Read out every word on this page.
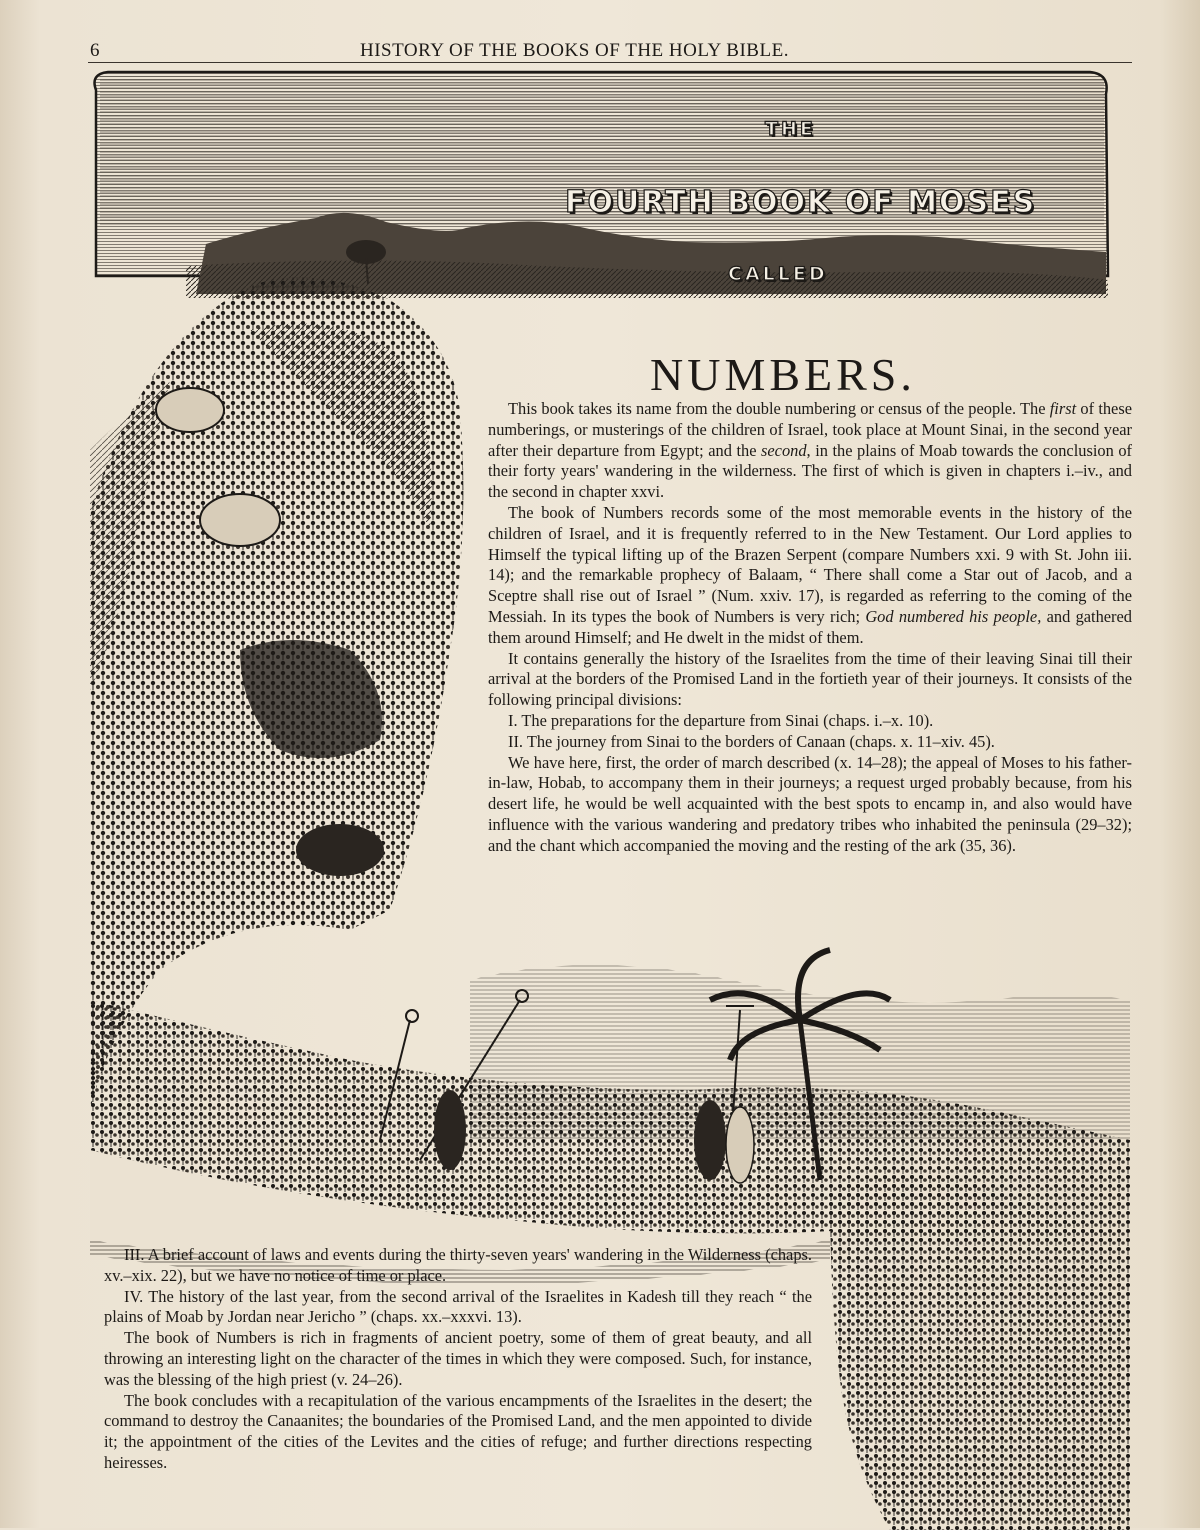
6	HISTORY OF THE BOOKS OF THE HOLY BIBLE.
THE
FOURTH BOOK OF MOSES
CALLED
NUMBERS.

This book takes its name from the double numbering or census of the people. The first of these numberings, or musterings of the children of Israel, took place at Mount Sinai, in the second year after their departure from Egypt; and the second, in the plains of Moab towards the conclusion of their forty years' wandering in the wilderness. The first of which is given in chapters i.–iv., and the second in chapter xxvi.

The book of Numbers records some of the most memorable events in the history of the children of Israel, and it is frequently referred to in the New Testament. Our Lord applies to Himself the typical lifting up of the Brazen Serpent (compare Numbers xxi. 9 with St. John iii. 14); and the remarkable prophecy of Balaam, “ There shall come a Star out of Jacob, and a Sceptre shall rise out of Israel ” (Num. xxiv. 17), is regarded as referring to the coming of the Messiah. In its types the book of Numbers is very rich; God numbered his people, and gathered them around Himself; and He dwelt in the midst of them.

It contains generally the history of the Israelites from the time of their leaving Sinai till their arrival at the borders of the Promised Land in the fortieth year of their journeys. It consists of the following principal divisions:

I. The preparations for the departure from Sinai (chaps. i.–x. 10).

II. The journey from Sinai to the borders of Canaan (chaps. x. 11–xiv. 45).

We have here, first, the order of march described (x. 14–28); the appeal of Moses to his father-in-law, Hobab, to accompany them in their journeys; a request urged probably because, from his desert life, he would be well acquainted with the best spots to encamp in, and also would have influence with the various wandering and predatory tribes who inhabited the peninsula (29–32); and the chant which accompanied the moving and the resting of the ark (35, 36).

III. A brief account of laws and events during the thirty-seven years' wandering in the Wilderness (chaps. xv.–xix. 22), but we have no notice of time or place.

IV. The history of the last year, from the second arrival of the Israelites in Kadesh till they reach “ the plains of Moab by Jordan near Jericho ” (chaps. xx.–xxxvi. 13).

The book of Numbers is rich in fragments of ancient poetry, some of them of great beauty, and all throwing an interesting light on the character of the times in which they were composed. Such, for instance, was the blessing of the high priest (v. 24–26).

The book concludes with a recapitulation of the various encampments of the Israelites in the desert; the command to destroy the Canaanites; the boundaries of the Promised Land, and the men appointed to divide it; the appointment of the cities of the Levites and the cities of refuge; and further directions respecting heiresses.
